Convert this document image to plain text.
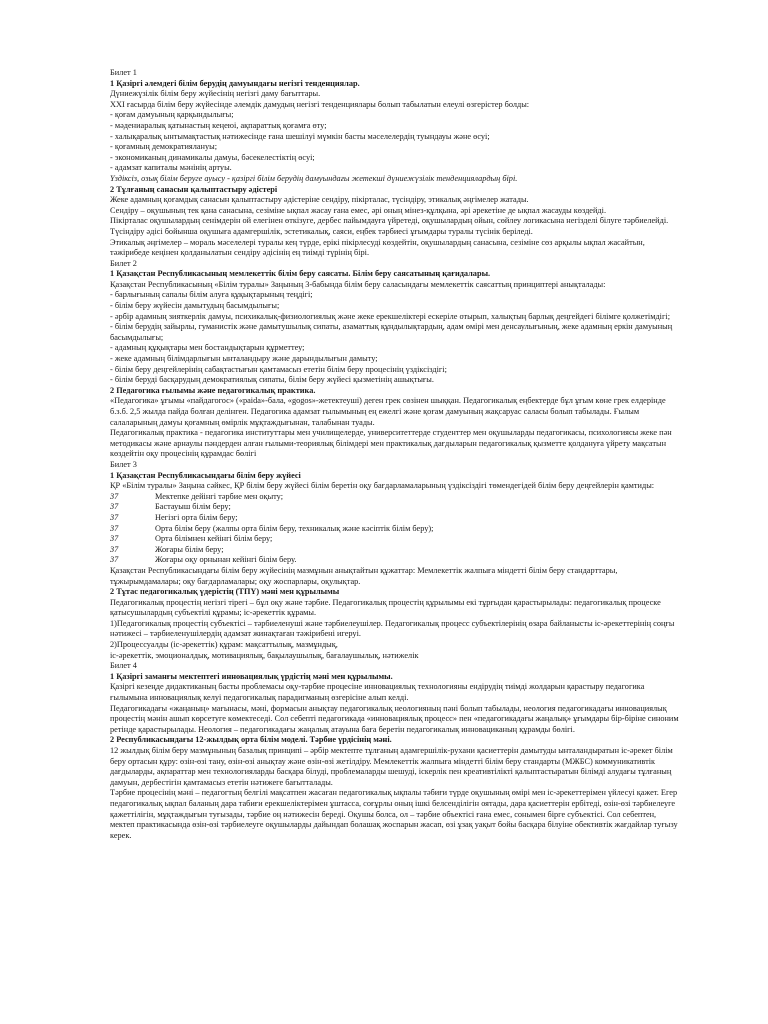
Билет 1

1 Қазіргі әлемдегі білім берудің дамуындағы негізгі тенденциялар.

Дүниежүзілік білім беру жүйесінің негізгі даму бағыттары.

XXI ғасырда білім беру жүйесінде әлемдік дамудың негізгі тенденциялары болып табылатын елеулі өзгерістер болды:

- қоғам дамуының қарқындылығы;

- мәдениаралық қатынастың кеңеюі, ақпараттық қоғамға өту;

- халықаралық ынтымақтастық нәтижесінде ғана шешілуі мүмкін басты мәселелердің туындауы және өсуі;

- қоғамның демократиялануы;

- экономиканың динамикалы дамуы, бәсекелестіктің өсуі;

- адамзат капиталы мәнінің артуы.

Үздіксіз, озық білім беруге ауысу - қазіргі білім берудің дамуындағы жетекші дүниежүзілік тенденциялардың бірі.

2 Тұлғаның санасын қалыптастыру әдістері

Жеке адамның қоғамдық санасын қалыптастыру әдістеріне сендіру, пікірталас, түсіндіру, этикалық әңгімелер жатады.

Сендіру – оқушының тек қана санасына, сезіміне ықпал жасау ғана емес, әрі оның мінез-құлқына, әрі әрекетіне де ықпал жасауды көздейді.

Пікірталас оқушылардың сенімдерін ой елегінен өткізуге, дербес пайымдауға үйретеді, оқушылардың ойын, сөйлеу логикасына негізделі білуге тәрбиелейді.

Түсіндіру әдісі бойынша оқушыға адамгершілік, эстетикалық, саяси, еңбек тәрбиесі ұғымдары туралы түсінік беріледі.

Этикалық әңгімелер – мораль мәселелері туралы кең түрде, ерікі пікірлесуді көздейтін, оқушылардың санасына, сезіміне сөз арқылы ықпал жасайтын, тәжірибеде кеңінен қолданылатын сендіру әдісінің ең тиімді түрінің бірі.

Билет 2

1 Қазақстан Республикасының мемлекеттік білім беру саясаты. Білім беру саясатының қағидалары.

Қазақстан Республикасының «Білім туралы» Заңының 3-бабында білім беру саласындағы мемлекеттік саясаттың принциптері анықталады:

- барлығының сапалы білім алуға құқықтарының теңдігі;

- білім беру жүйесін дамытудың басымдылығы;

- әрбір адамның зияткерлік дамуы, психикалық-физиологиялық және жеке ерекшеліктері ескеріле отырып, халықтың барлық деңгейдегі білімге қолжетімдігі;

- білім берудің зайырлы, гуманистік және дамытушылық сипаты, азаматтық құндылықтардың, адам өмірі мен денсаулығының, жеке адамның еркін дамуының басымдылығы;

- адамның құқықтары мен бостандықтарын құрметтеу;

- жеке адамның білімдарлығын ынталандыру және дарындылығын дамыту;

- білім беру деңгейлерінің сабақтастығын қамтамасыз ететін білім беру процесінің үздіксіздігі;

- білім беруді басқарудың демократиялық сипаты, білім беру жүйесі қызметінің ашықтығы.

2 Педагогика ғылымы және педагогикалық практика.

«Педагогика» ұғымы «пайдагогос» («paida»-бала, «gogos»-жетектеуші) деген грек сөзінен шыққан. Педагогикалық еңбектерде бұл ұғым көне грек елдерінде б.з.б. 2,5 жылда пайда болған делінген. Педагогика адамзат ғылымының ең ежелгі және қоғам дамуының жақсаруас саласы болып табылады. Ғылым салаларының дамуы қоғамның өмірлік мұқтаждығынан, талабынан туады.

Педагогикалық практика - педагогика институттары мен училищелерде, университеттерде студенттер мен оқушыларды педагогикасы, психологиясы жеке пән методикасы және арнаулы пәндерден алған ғылыми-теориялық білімдері мен практикалық дағдыларын педагогикалық қызметте қолдануға үйрету мақсатын көздейтін оқу процесінің құрамдас бөлігі

Билет 3

1 Қазақстан Республикасындағы білім беру жүйесі

ҚР «Білім туралы» Заңына сәйкес, ҚР білім беру жүйесі білім беретін оқу бағдарламаларының үздіксіздігі төмендегідей білім беру деңгейлерін қамтиды:

37	Мектепке дейінгі тәрбие мен оқыту;
37	Бастауыш білім беру;
37	Негізгі орта білім беру;
37	Орта білім беру (жалпы орта білім беру, техникалық және кәсіптік білім беру);
37	Орта білімнен кейінгі білім беру;
37	Жоғары білім беру;
37	Жоғары оқу орнынан кейінгі білім беру.

Қазақстан Республикасындағы білім беру жүйесінің мазмұнын анықтайтын құжаттар: Мемлекеттік жалпыға міндетті білім беру стандарттары, тұжырымдамалары; оқу бағдарламалары; оқу жоспарлары, оқулықтар.

2 Тұтас педагогикалық үдерістің (ТПҮ) мәні мен құрылымы

Педагогикалық процестің негізгі тірегі – бұл оқу және тәрбие. Педагогикалық процестің құрылымы екі тұрғыдан қарастырылады: педагогикалық процеске қатысушылардың субъектілі құрамы; іс-әрекеттік құрамы.

1)Педагогикалық процестің субъектісі – тәрбиеленуші және тәрбиелеушілер. Педагогикалық процесс субъектілерінің өзара байланысты іс-әрекеттерінің соңғы нәтижесі – тәрбиеленушілердің адамзат жинақтаған тәжірибені игеруі.

2)Процессуалды (іс-әрекеттік) құрам: мақсаттылық, мазмұндық,

іс-әрекеттік, эмоционалдық, мотивациялық, бақылаушылық, бағалаушылық, нәтижелік

Билет 4

1 Қазіргі заманғы мектептегі инновациялық үрдістің мәні мен құрылымы.

Қазіргі кезеңде дидактиканың басты проблемасы оқу-тәрбие процесіне инновациялық технологияны ендірудің тиімді жолдарын қарастыру педагогика ғылымына инновациялық келуі педагогикалық парадигманың өзгерісіне алып келді.

Педагогикадағы «жаңаның» мағынасы, мәні, формасын анықтау педагогикалық неологияның пәні болып табылады, неология педагогикадағы инновациялық процестің мәнін ашып көрсетуге көмектеседі. Сол себепті педагогикада «инновациялық процесс» пен «педагогикадағы жаңалық» ұғымдары бір-біріне синоним ретінде қарастырылады. Неология – педагогикадағы жаңалық атауына баға беретін педагогикалық инновациканың құрамды бөлігі.

2 Республикасындағы 12-жылдық орта білім моделі. Тәрбие үрдісінің мәні.

12 жылдық білім беру мазмұнының базалық принципі – әрбір мектепте тұлғаның адамгершілік-рухани қасиеттерін дамытуды ынталандыратын іс-әрекет білім беру ортасын құру: өзін-өзі тану, өзін-өзі анықтау және өзін-өзі жетілдіру. Мемлекеттік жалпыға міндетті білім беру стандарты (МЖБС) коммуникативтік дағдыларды, ақпараттар мен технологияларды басқара білуді, проблемаларды шешуді, іскерлік пен креативтілікті қалыптастыратын білімді алудағы тұлғаның дамуын, дербестігін қамтамасыз ететін нәтижеге бағытталады.

Тәрбие процесінің мәні – педагогтың белгілі мақсатпен жасаған педагогикалық ықпалы тәбиғи түрде оқушының өмірі мен іс-әрекеттерімен үйлесуі қажет. Егер педагогикалық ықпал баланың дара табиғи ерекшеліктерімен ұштасса, соғұрлы оның ішкі белсенділігін оятады, дара қасиеттерін ербітеді, өзін-өзі тәрбиелеуге қажеттілігін, мұқтаждығын туғызады, тәрбие оң нәтижесін береді. Оқушы болса, ол – тәрбие объектісі ғана емес, сонымен бірге субъектісі. Сол себептен, мектеп практикасында өзін-өзі тәрбиелеуге оқушыларды дайындап болашақ жоспарын жасап, өзі ұзақ уақыт бойы басқара білуіне обективтік жағдайлар туғызу керек.
